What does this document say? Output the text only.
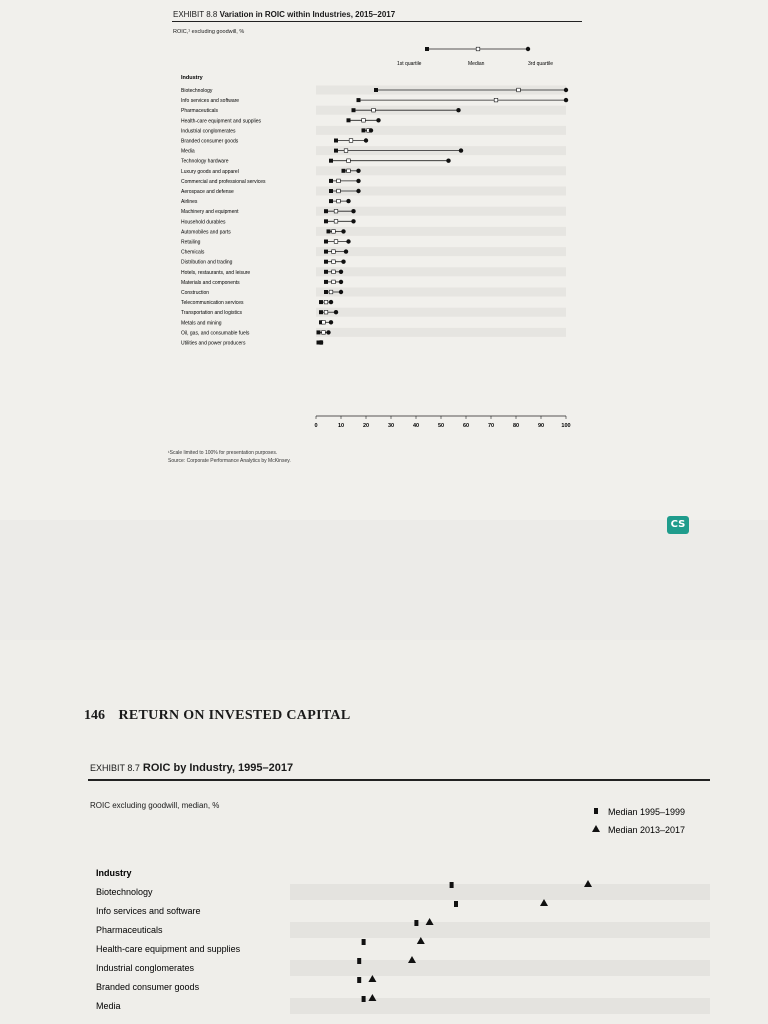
EXHIBIT 8.8 Variation in ROIC within Industries, 2015–2017
ROIC,¹ excluding goodwill, %
1st quartile	Median	3rd quartile
Industry
Biotechnology
Info services and software
Pharmaceuticals
Health-care equipment and supplies
Industrial conglomerates
Branded consumer goods
Media
Technology hardware
Luxury goods and apparel
Commercial and professional services
Aerospace and defense
Airlines
Machinery and equipment
Household durables
Automobiles and parts
Retailing
Chemicals
Distribution and trading
Hotels, restaurants, and leisure
Materials and components
Construction
Telecommunication services
Transportation and logistics
Metals and mining
Oil, gas, and consumable fuels
Utilities and power producers
0	10	20	30	40	50	60	70	80	90	100
¹Scale limited to 100% for presentation purposes.
Source: Corporate Performance Analytics by McKinsey.
CS
146 RETURN ON INVESTED CAPITAL
EXHIBIT 8.7 ROIC by Industry, 1995–2017
ROIC excluding goodwill, median, %
Median 1995–1999
Median 2013–2017
Industry
Biotechnology
Info services and software
Pharmaceuticals
Health-care equipment and supplies
Industrial conglomerates
Branded consumer goods
Media
